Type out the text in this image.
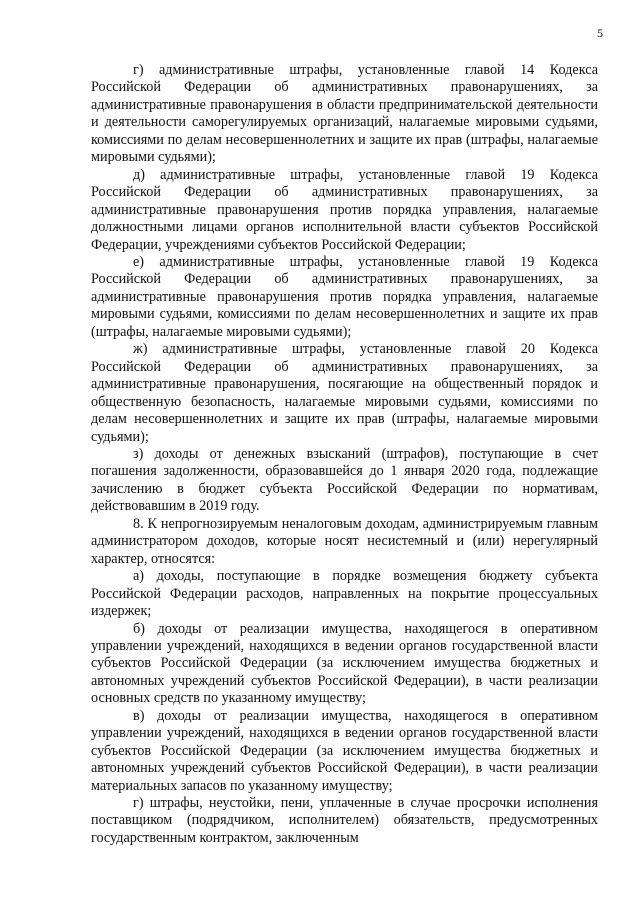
5

г) административные штрафы, установленные главой 14 Кодекса Российской Федерации об административных правонарушениях, за административные правонарушения в области предпринимательской деятельности и деятельности саморегулируемых организаций, налагаемые мировыми судьями, комиссиями по делам несовершеннолетних и защите их прав (штрафы, налагаемые мировыми судьями);

д) административные штрафы, установленные главой 19 Кодекса Российской Федерации об административных правонарушениях, за административные правонарушения против порядка управления, налагаемые должностными лицами органов исполнительной власти субъектов Российской Федерации, учреждениями субъектов Российской Федерации;

е) административные штрафы, установленные главой 19 Кодекса Российской Федерации об административных правонарушениях, за административные правонарушения против порядка управления, налагаемые мировыми судьями, комиссиями по делам несовершеннолетних и защите их прав (штрафы, налагаемые мировыми судьями);

ж) административные штрафы, установленные главой 20 Кодекса Российской Федерации об административных правонарушениях, за административные правонарушения, посягающие на общественный порядок и общественную безопасность, налагаемые мировыми судьями, комиссиями по делам несовершеннолетних и защите их прав (штрафы, налагаемые мировыми судьями);

з) доходы от денежных взысканий (штрафов), поступающие в счет погашения задолженности, образовавшейся до 1 января 2020 года, подлежащие зачислению в бюджет субъекта Российской Федерации по нормативам, действовавшим в 2019 году.

8. К непрогнозируемым неналоговым доходам, администрируемым главным администратором доходов, которые носят несистемный и (или) нерегулярный характер, относятся:

а) доходы, поступающие в порядке возмещения бюджету субъекта Российской Федерации расходов, направленных на покрытие процессуальных издержек;

б) доходы от реализации имущества, находящегося в оперативном управлении учреждений, находящихся в ведении органов государственной власти субъектов Российской Федерации (за исключением имущества бюджетных и автономных учреждений субъектов Российской Федерации), в части реализации основных средств по указанному имуществу;

в) доходы от реализации имущества, находящегося в оперативном управлении учреждений, находящихся в ведении органов государственной власти субъектов Российской Федерации (за исключением имущества бюджетных и автономных учреждений субъектов Российской Федерации), в части реализации материальных запасов по указанному имуществу;

г) штрафы, неустойки, пени, уплаченные в случае просрочки исполнения поставщиком (подрядчиком, исполнителем) обязательств, предусмотренных государственным контрактом, заключенным
